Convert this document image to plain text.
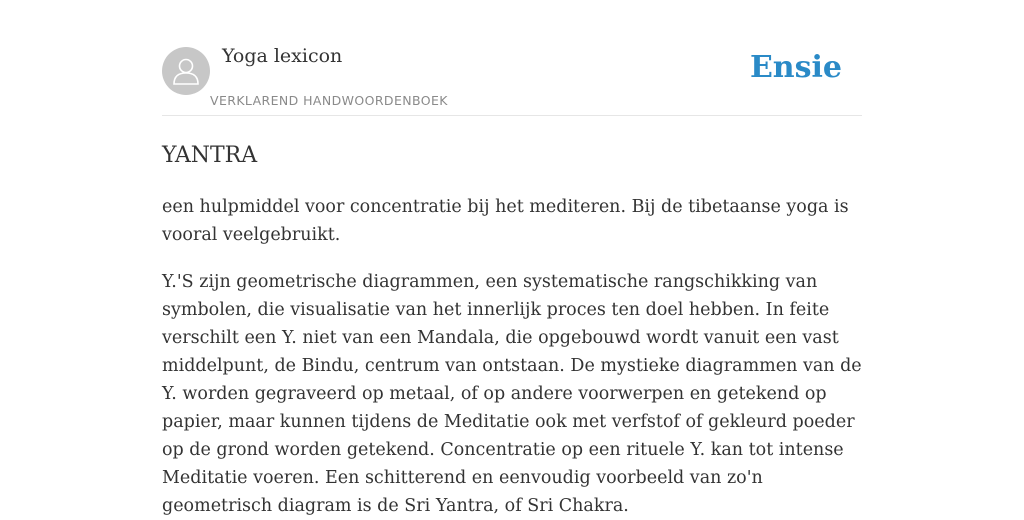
Yoga lexicon
VERKLAREND HANDWOORDENBOEK
Ensie
YANTRA

een hulpmiddel voor concentratie bij het mediteren. Bij de tibetaanse yoga is vooral veelgebruikt.

Y.'S zijn geometrische diagrammen, een systematische rangschikking van symbolen, die visualisatie van het innerlijk proces ten doel hebben. In feite verschilt een Y. niet van een Mandala, die opgebouwd wordt vanuit een vast middelpunt, de Bindu, centrum van ontstaan. De mystieke diagrammen van de Y. worden gegraveerd op metaal, of op andere voorwerpen en getekend op papier, maar kunnen tijdens de Meditatie ook met verfstof of gekleurd poeder op de grond worden getekend. Concentratie op een rituele Y. kan tot intense Meditatie voeren. Een schitterend en eenvoudig voorbeeld van zo'n geometrisch diagram is de Sri Yantra, of Sri Chakra.
